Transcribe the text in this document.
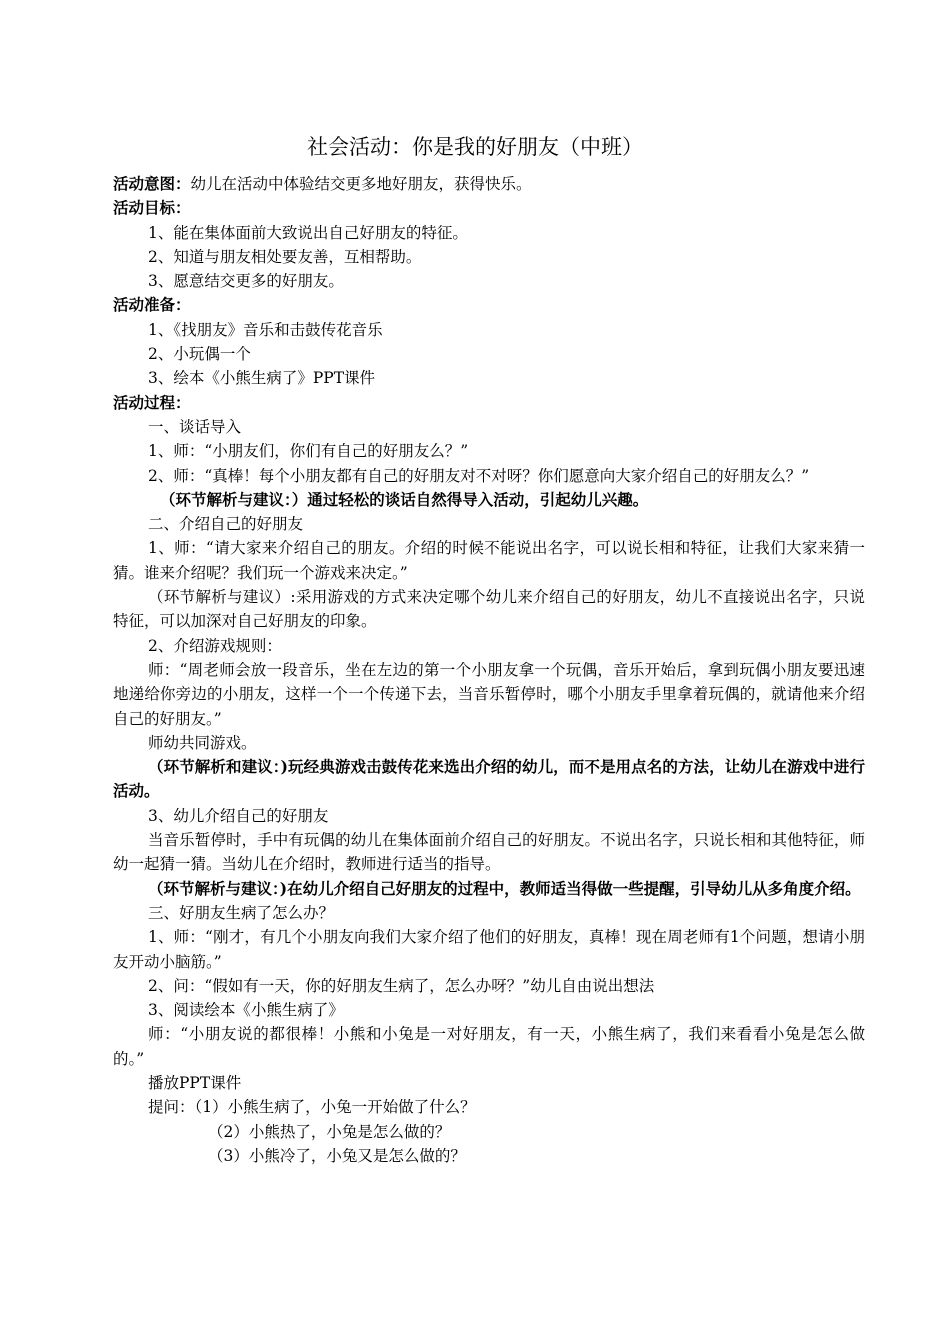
社会活动：你是我的好朋友（中班）

活动意图：幼儿在活动中体验结交更多地好朋友，获得快乐。

活动目标：

1、能在集体面前大致说出自己好朋友的特征。

2、知道与朋友相处要友善，互相帮助。

3、愿意结交更多的好朋友。

活动准备：

1、《找朋友》音乐和击鼓传花音乐

2、小玩偶一个

3、绘本《小熊生病了》PPT课件

活动过程：

一、谈话导入

1、师：“小朋友们，你们有自己的好朋友么？”

2、师：“真棒！每个小朋友都有自己的好朋友对不对呀？你们愿意向大家介绍自己的好朋友么？”

（环节解析与建议：）通过轻松的谈话自然得导入活动，引起幼儿兴趣。

二、介绍自己的好朋友

1、师：“请大家来介绍自己的朋友。介绍的时候不能说出名字，可以说长相和特征，让我们大家来猜一猜。谁来介绍呢？我们玩一个游戏来决定。”

（环节解析与建议）:采用游戏的方式来决定哪个幼儿来介绍自己的好朋友，幼儿不直接说出名字，只说特征，可以加深对自己好朋友的印象。

2、介绍游戏规则：

师：“周老师会放一段音乐，坐在左边的第一个小朋友拿一个玩偶，音乐开始后，拿到玩偶小朋友要迅速地递给你旁边的小朋友，这样一个一个传递下去，当音乐暂停时，哪个小朋友手里拿着玩偶的，就请他来介绍自己的好朋友。”

师幼共同游戏。

（环节解析和建议：)玩经典游戏击鼓传花来选出介绍的幼儿，而不是用点名的方法，让幼儿在游戏中进行活动。

3、幼儿介绍自己的好朋友

当音乐暂停时，手中有玩偶的幼儿在集体面前介绍自己的好朋友。不说出名字，只说长相和其他特征，师幼一起猜一猜。当幼儿在介绍时，教师进行适当的指导。

（环节解析与建议：)在幼儿介绍自己好朋友的过程中，教师适当得做一些提醒，引导幼儿从多角度介绍。

三、好朋友生病了怎么办？

1、师：“刚才，有几个小朋友向我们大家介绍了他们的好朋友，真棒！现在周老师有1个问题，想请小朋友开动小脑筋。”

2、问：“假如有一天，你的好朋友生病了，怎么办呀？”幼儿自由说出想法

3、阅读绘本《小熊生病了》

师：“小朋友说的都很棒！小熊和小兔是一对好朋友，有一天，小熊生病了，我们来看看小兔是怎么做的。”

播放PPT课件

提问：（1）小熊生病了，小兔一开始做了什么？

（2）小熊热了，小兔是怎么做的？

（3）小熊冷了，小兔又是怎么做的？
